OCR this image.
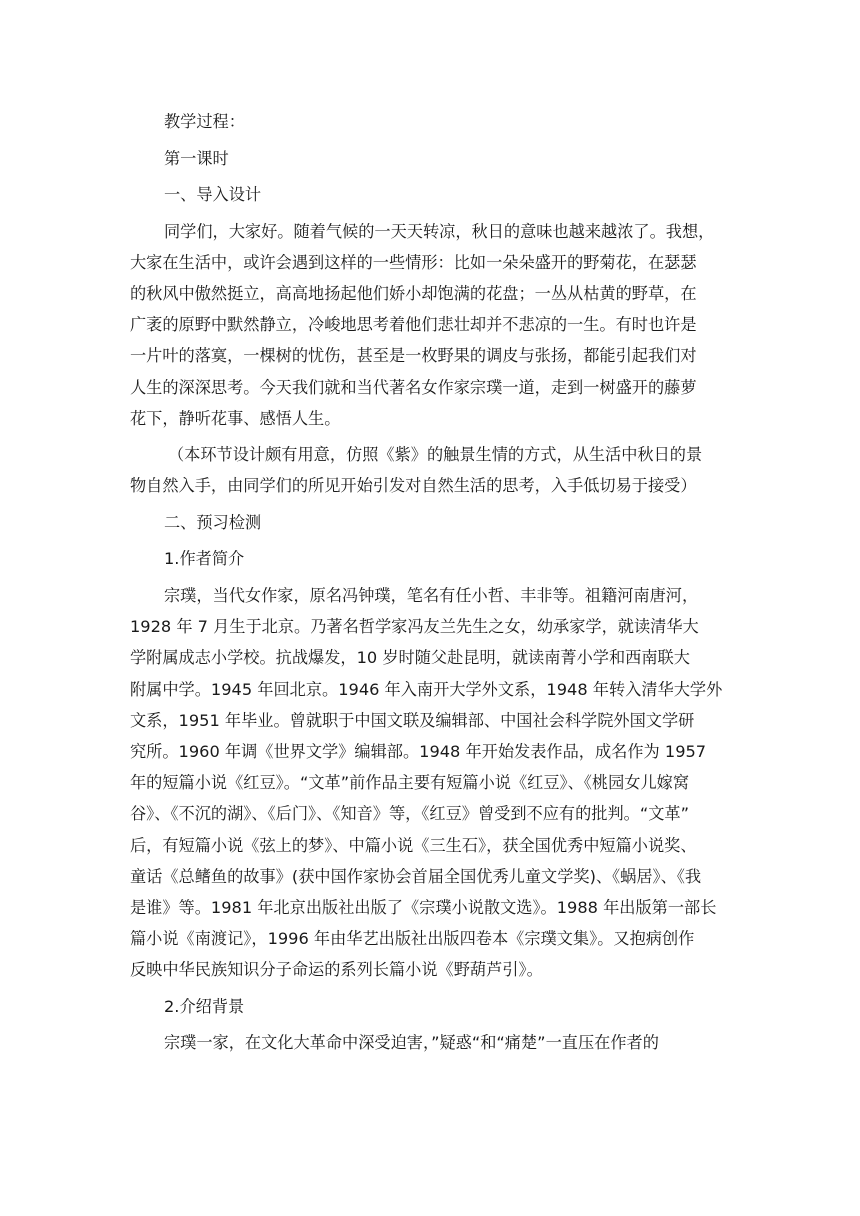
教学过程：

第一课时

一、导入设计

同学们，大家好。随着气候的一天天转凉，秋日的意味也越来越浓了。我想，
大家在生活中，或许会遇到这样的一些情形：比如一朵朵盛开的野菊花，在瑟瑟
的秋风中傲然挺立，高高地扬起他们娇小却饱满的花盘；一丛从枯黄的野草，在
广袤的原野中默然静立，冷峻地思考着他们悲壮却并不悲凉的一生。有时也许是
一片叶的落寞，一棵树的忧伤，甚至是一枚野果的调皮与张扬，都能引起我们对
人生的深深思考。今天我们就和当代著名女作家宗璞一道，走到一树盛开的藤萝
花下，静听花事、感悟人生。
（本环节设计颇有用意，仿照《紫》的触景生情的方式，从生活中秋日的景
物自然入手，由同学们的所见开始引发对自然生活的思考，入手低切易于接受）

二、预习检测

1.作者简介

宗璞，当代女作家，原名冯钟璞，笔名有任小哲、丰非等。祖籍河南唐河，
1928 年 7 月生于北京。乃著名哲学家冯友兰先生之女，幼承家学，就读清华大
学附属成志小学校。抗战爆发，10 岁时随父赴昆明，就读南菁小学和西南联大
附属中学。1945 年回北京。1946 年入南开大学外文系，1948 年转入清华大学外
文系，1951 年毕业。曾就职于中国文联及编辑部、中国社会科学院外国文学研
究所。1960 年调《世界文学》编辑部。1948 年开始发表作品，成名作为 1957
年的短篇小说《红豆》。“文革”前作品主要有短篇小说《红豆》、《桃园女儿嫁窝
谷》、《不沉的湖》、《后门》、《知音》等，《红豆》曾受到不应有的批判。“文革”
后，有短篇小说《弦上的梦》、中篇小说《三生石》，获全国优秀中短篇小说奖、
童话《总鳍鱼的故事》(获中国作家协会首届全国优秀儿童文学奖)、《蜗居》、《我
是谁》等。1981 年北京出版社出版了《宗璞小说散文选》。1988 年出版第一部长
篇小说《南渡记》，1996 年由华艺出版社出版四卷本《宗璞文集》。又抱病创作
反映中华民族知识分子命运的系列长篇小说《野葫芦引》。

2.介绍背景

宗璞一家，在文化大革命中深受迫害，”疑惑“和“痛楚”一直压在作者的
